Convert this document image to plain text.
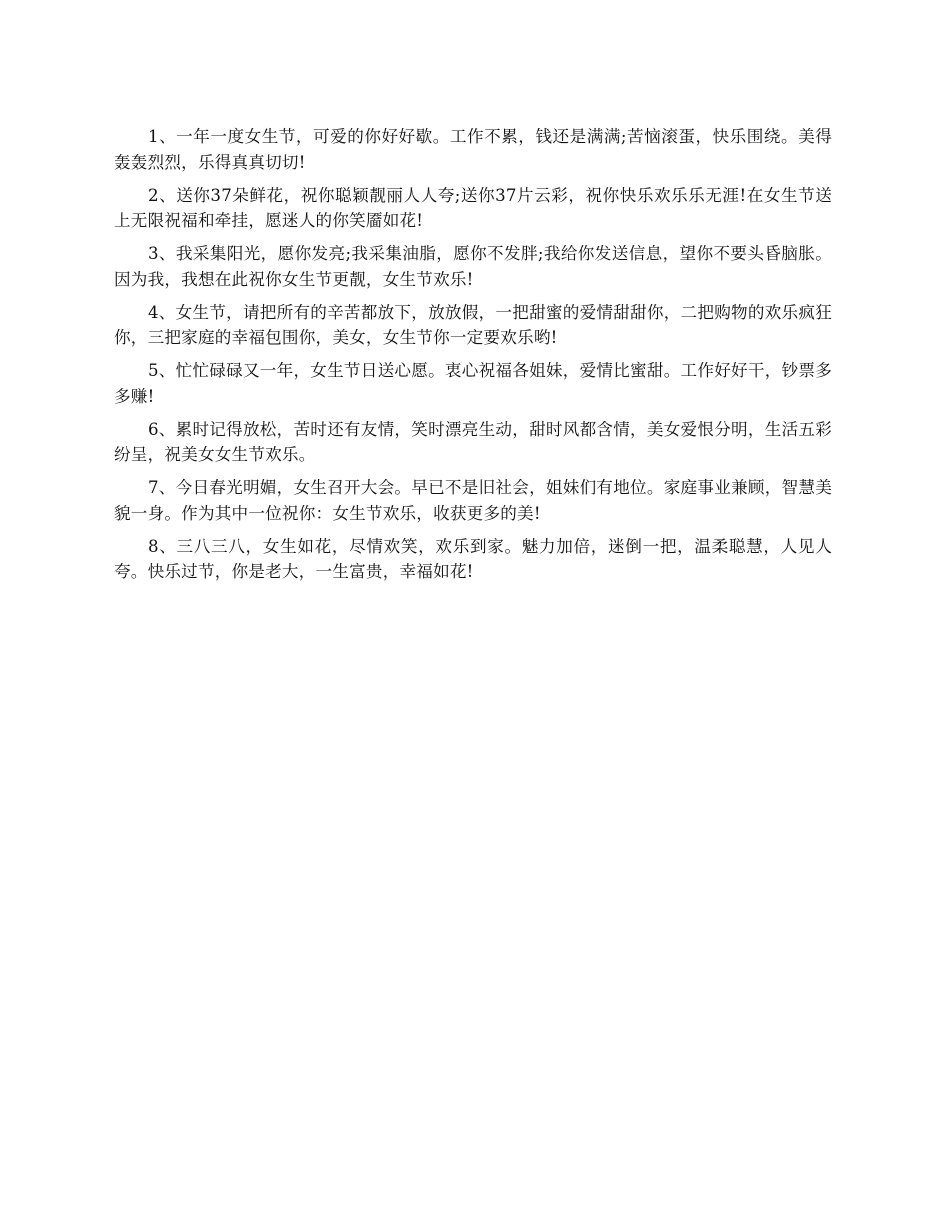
1、一年一度女生节，可爱的你好好歇。工作不累，钱还是满满;苦恼滚蛋，快乐围绕。美得轰轰烈烈，乐得真真切切!

2、送你37朵鲜花，祝你聪颖靓丽人人夸;送你37片云彩，祝你快乐欢乐乐无涯!在女生节送上无限祝福和牵挂，愿迷人的你笑靥如花!

3、我采集阳光，愿你发亮;我采集油脂，愿你不发胖;我给你发送信息，望你不要头昏脑胀。因为我，我想在此祝你女生节更靓，女生节欢乐!

4、女生节，请把所有的辛苦都放下，放放假，一把甜蜜的爱情甜甜你，二把购物的欢乐疯狂你，三把家庭的幸福包围你，美女，女生节你一定要欢乐哟!

5、忙忙碌碌又一年，女生节日送心愿。衷心祝福各姐妹，爱情比蜜甜。工作好好干，钞票多多赚!

6、累时记得放松，苦时还有友情，笑时漂亮生动，甜时风都含情，美女爱恨分明，生活五彩纷呈，祝美女女生节欢乐。

7、今日春光明媚，女生召开大会。早已不是旧社会，姐妹们有地位。家庭事业兼顾，智慧美貌一身。作为其中一位祝你：女生节欢乐，收获更多的美!

8、三八三八，女生如花，尽情欢笑，欢乐到家。魅力加倍，迷倒一把，温柔聪慧，人见人夸。快乐过节，你是老大，一生富贵，幸福如花!
